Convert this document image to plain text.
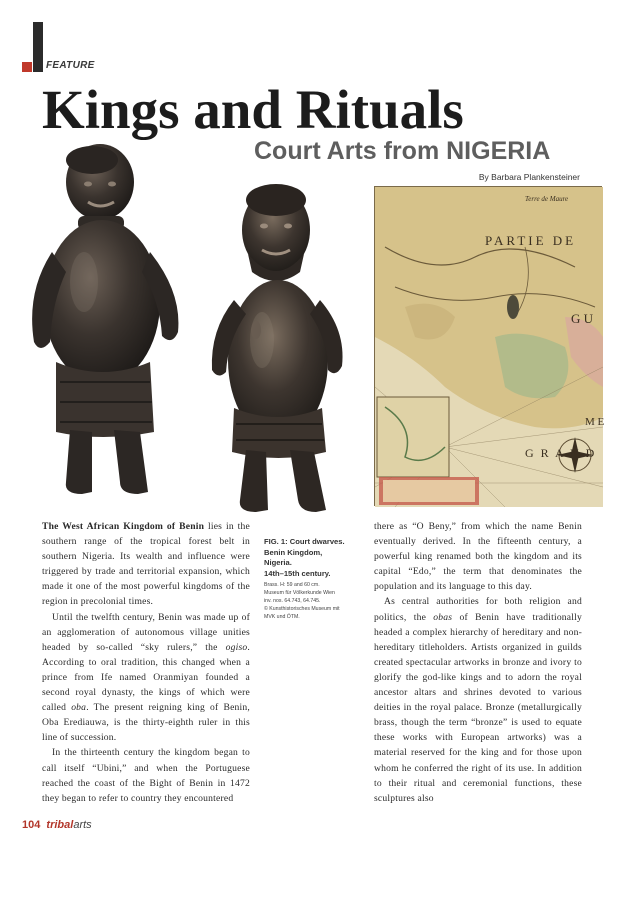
FEATURE
Kings and Rituals
Court Arts from NIGERIA
By Barbara Plankensteiner
Terre de Maure
PARTIE DE
G U
G R A N D
M E
FIG. 1: Court dwarves.
Benin Kingdom,
Nigeria.
14th–15th century.
Brass. H: 59 and 60 cm.
Museum für Völkerkunde Wien
inv. nos. 64.743, 64.745.
© Kunsthistorisches Museum mit
MVK und ÖTM.

The West African Kingdom of Benin lies in the southern range of the tropical forest belt in southern Nigeria. Its wealth and influence were triggered by trade and territorial expansion, which made it one of the most powerful kingdoms of the region in precolonial times.

Until the twelfth century, Benin was made up of an agglomeration of autonomous village unities headed by so-called “sky rulers,” the ogiso. According to oral tradition, this changed when a prince from Ife named Oranmiyan founded a second royal dynasty, the kings of which were called oba. The present reigning king of Benin, Oba Erediauwa, is the thirty-eighth ruler in this line of succession.

In the thirteenth century the kingdom began to call itself “Ubini,” and when the Portuguese reached the coast of the Bight of Benin in 1472 they began to refer to country they encountered

there as “O Beny,” from which the name Benin eventually derived. In the fifteenth century, a powerful king renamed both the kingdom and its capital “Edo,” the term that denominates the population and its language to this day.

As central authorities for both religion and politics, the obas of Benin have traditionally headed a complex hierarchy of hereditary and non-hereditary titleholders. Artists organized in guilds created spectacular artworks in bronze and ivory to glorify the god-like kings and to adorn the royal ancestor altars and shrines devoted to various deities in the royal palace. Bronze (metallurgically brass, though the term “bronze” is used to equate these works with European artworks) was a material reserved for the king and for those upon whom he conferred the right of its use. In addition to their ritual and ceremonial functions, these sculptures also

104 tribalarts
